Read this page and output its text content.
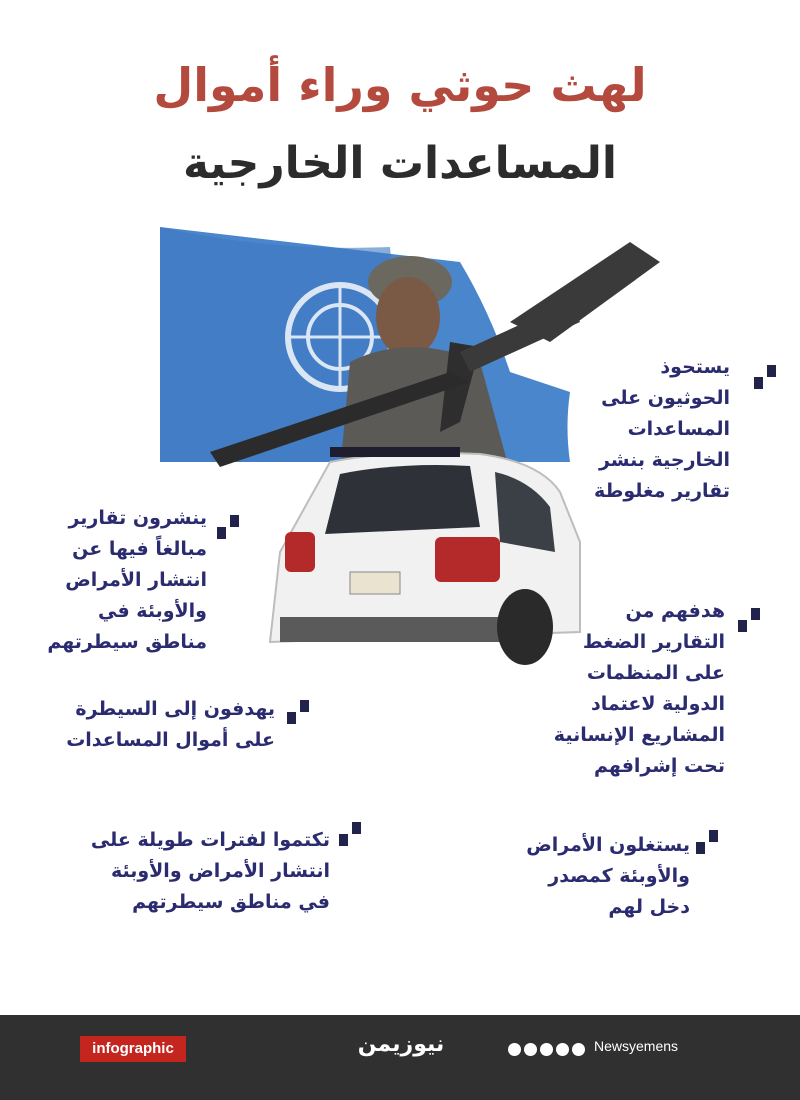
لهث حوثي وراء أموال
المساعدات الخارجية
يستحوذ
الحوثيون على
المساعدات
الخارجية بنشر
تقارير مغلوطة
ينشرون تقارير
مبالغاً فيها عن
انتشار الأمراض
والأوبئة في
مناطق سيطرتهم
هدفهم من
التقارير الضغط
على المنظمات
الدولية لاعتماد
المشاريع الإنسانية
تحت إشرافهم
يهدفون إلى السيطرة
على أموال المساعدات
تكتموا لفترات طويلة على
انتشار الأمراض والأوبئة
في مناطق سيطرتهم
يستغلون الأمراض
والأوبئة كمصدر
دخل لهم
infographic	نيوزيمن	Newsyemens
